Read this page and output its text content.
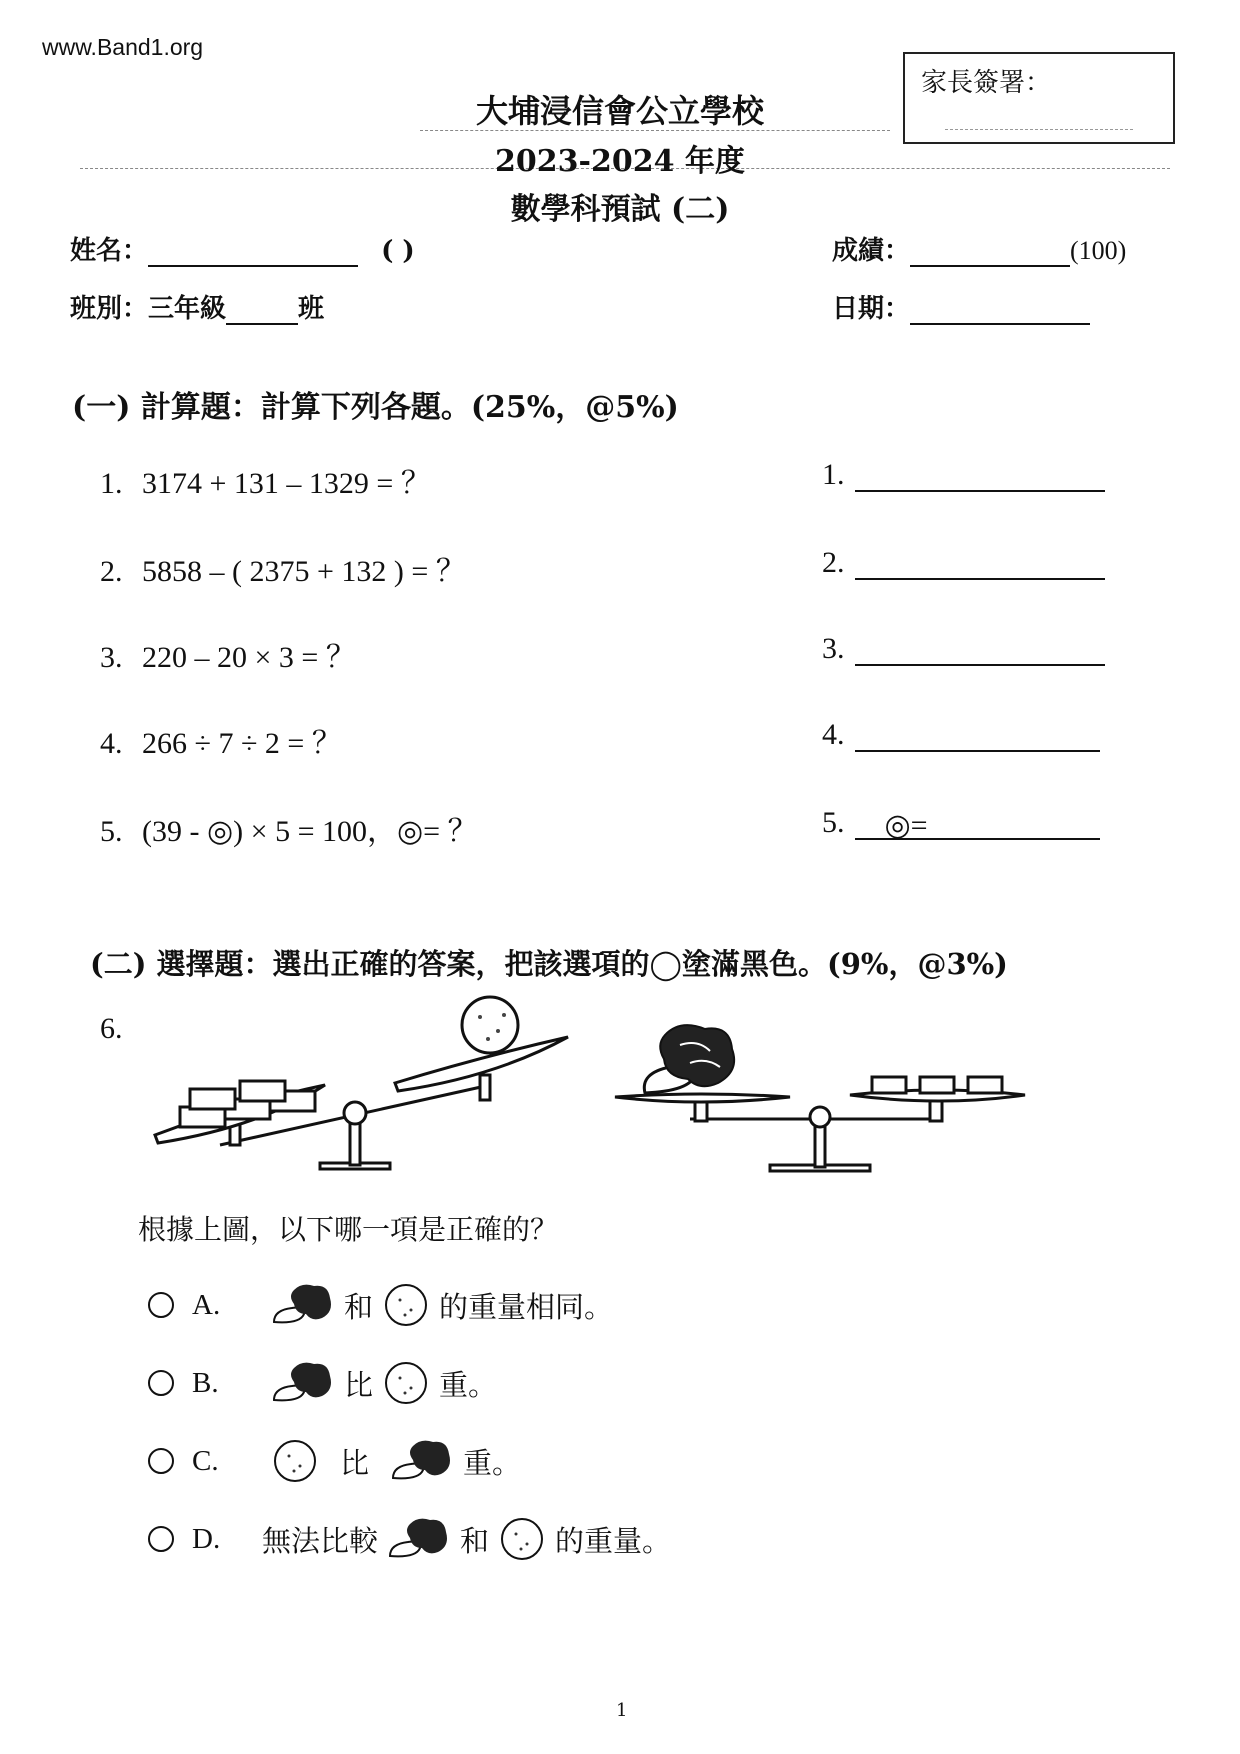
www.Band1.org
家長簽署：
大埔浸信會公立學校
2023-2024 年度
數學科預試 (二)
姓名：	( )	成績：	(100)
班別：三年級	班	日期：
(一) 計算題：計算下列各題。(25%，@5%)
1. 3174 + 131 – 1329 = ？	1.
2. 5858 – ( 2375 + 132 ) = ？	2.
3. 220 – 20 × 3 = ？	3.
4. 266 ÷ 7 ÷ 2 = ？	4.
5. (39 - ◎) × 5 = 100，◎= ？	5. ◎=
(二) 選擇題：選出正確的答案，把該選項的◯塗滿黑色。(9%，@3%)
6.
根據上圖，以下哪一項是正確的？
A.	和 的重量相同。
B.	比 重。
C.	比	重。
D.	無法比較	和 的重量。
1
